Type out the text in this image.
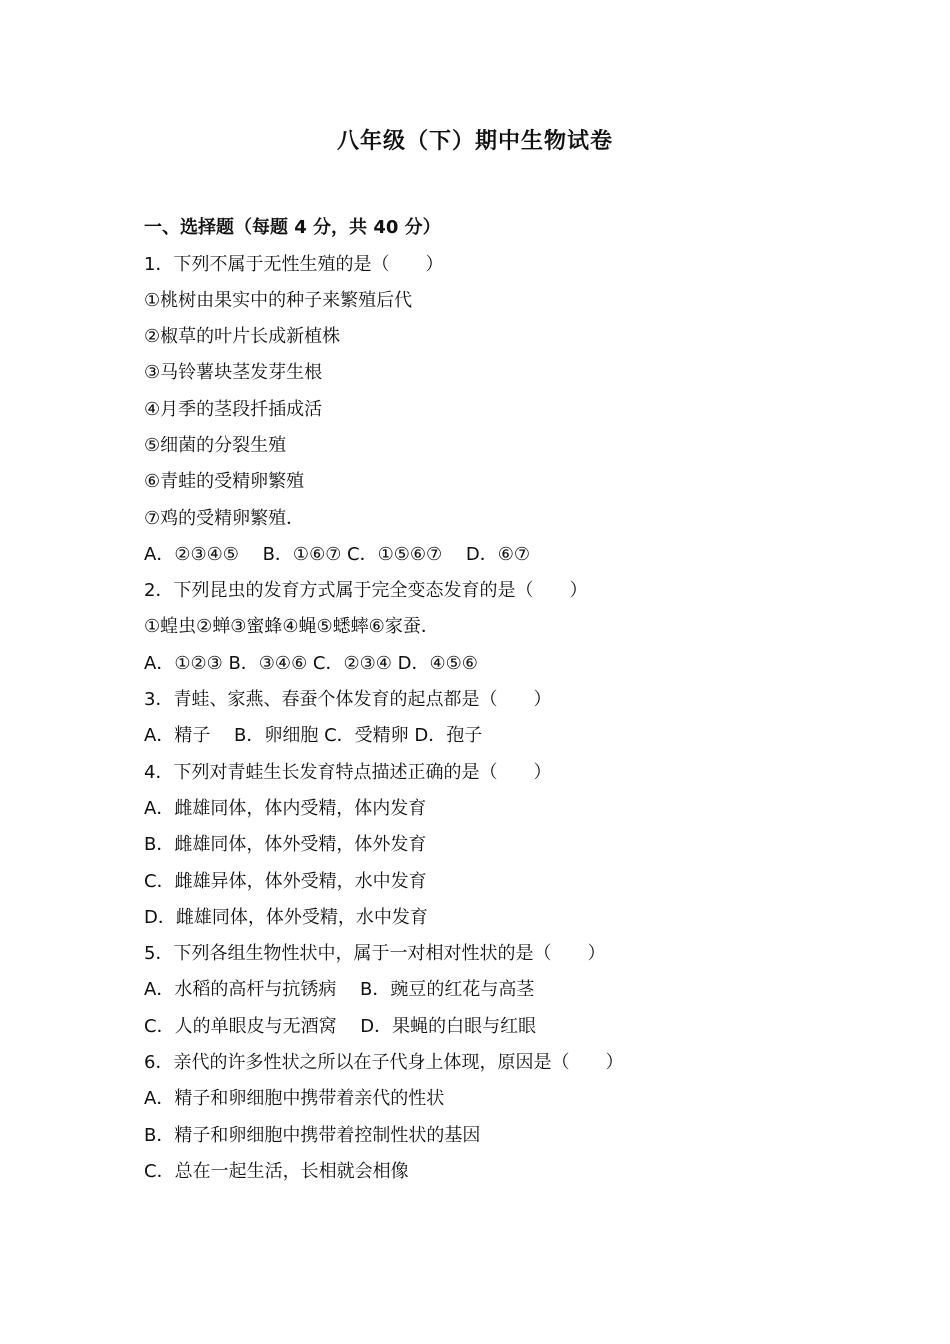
八年级（下）期中生物试卷
一、选择题（每题 4 分，共 40 分）
1．下列不属于无性生殖的是（　　）
①桃树由果实中的种子来繁殖后代
②椒草的叶片长成新植株
③马铃薯块茎发芽生根
④月季的茎段扦插成活
⑤细菌的分裂生殖
⑥青蛙的受精卵繁殖
⑦鸡的受精卵繁殖．
A．②③④⑤　 B．①⑥⑦ C．①⑤⑥⑦　 D．⑥⑦
2．下列昆虫的发育方式属于完全变态发育的是（　　）
①蝗虫②蝉③蜜蜂④蝇⑤蟋蟀⑥家蚕．
A．①②③ B．③④⑥ C．②③④ D．④⑤⑥
3．青蛙、家燕、春蚕个体发育的起点都是（　　）
A．精子　 B．卵细胞 C．受精卵 D．孢子
4．下列对青蛙生长发育特点描述正确的是（　　）
A．雌雄同体，体内受精，体内发育
B．雌雄同体，体外受精，体外发育
C．雌雄异体，体外受精，水中发育
D．雌雄同体，体外受精，水中发育
5．下列各组生物性状中，属于一对相对性状的是（　　）
A．水稻的高杆与抗锈病　 B．豌豆的红花与高茎
C．人的单眼皮与无酒窝　 D．果蝇的白眼与红眼
6．亲代的许多性状之所以在子代身上体现，原因是（　　）
A．精子和卵细胞中携带着亲代的性状
B．精子和卵细胞中携带着控制性状的基因
C．总在一起生活，长相就会相像
